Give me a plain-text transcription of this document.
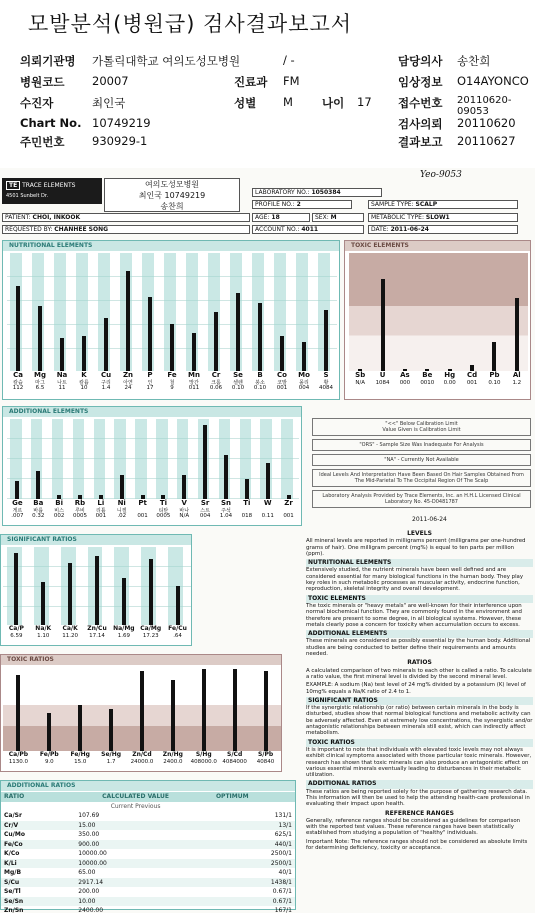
모발분석(병원급) 검사결과보고서
의뢰기관명 가톨릭대학교 여의도성모병원	/ -	담당의사 송찬희
병원코드 20007	진료과 FM	임상정보 O14AYONCO
수진자	최인국	성별 M	나이 17 접수번호 20110620-09053
Chart No. 10749219	검사의뢰 20110620
주민번호 930929-1	결과보고 20110627
TE TRACE ELEMENTS
4501 Sunbelt Dr.
여의도성모병원
최인국 10749219
송찬희
Yeo-9053
LABORATORY NO.: 1050384
PROFILE NO.: 2	SAMPLE TYPE: SCALP
PATIENT: CHOI, INKOOK	AGE: 18	SEX: M	METABOLIC TYPE: SLOW1
REQUESTED BY: CHANHEE SONG	ACCOUNT NO.: 4011	DATE: 2011-06-24
NUTRITIONAL ELEMENTS
Ca
칼슘
112
Mg
마그
6.5
Na
나트
11
K
칼륨
10
Cu
구리
1.4
Zn
아연
24
P
인
17
Fe
철
9
Mn
망간
011
Cr
크롬
0.06
Se
셀렌
0.10
B
붕소
0.10
Co
코발
001
Mo
몰리
004
S
황
4084
TOXIC ELEMENTS
Sb
N/A
U
1084
As
000
Be
0010
Hg
0.00
Cd
001
Pb
0.10
Al
1.2
ADDITIONAL ELEMENTS
Ge
게르
.007
Ba
바륨
0.32
Bi
비스
002
Rb
루비
0005
Li
리튬
001
Ni
니켈
.02
Pt
001
Ti
티탄
0005
V
바나
N/A
Sr
스트
004
Sn
주석
1.04
Ti
018
W
0.11
Zr
001
"<<" Below Calibration Limit
Value Given is Calibration Limit
"ORS" - Sample Size Was Inadequate For Analysis
"NA" - Currently Not Available
Ideal Levels And Interpretation Have Been Based On Hair Samples Obtained From The Mid-Parietal To The Occipital Region Of The Scalp
Laboratory Analysis Provided by Trace Elements, Inc. an H.H.L Licensed Clinical Laboratory No. 45-D0481787
2011-06-24
SIGNIFICANT RATIOS
Ca/P
6.59
Na/K
1.10
Ca/K
11.20
Zn/Cu
17.14
Na/Mg
1.69
Ca/Mg
17.23
Fe/Cu
.64
TOXIC RATIOS
Ca/Pb
1130.0
Fe/Pb
9.0
Fe/Hg
15.0
Se/Hg
1.7
Zn/Cd
24000.0
Zn/Hg
2400.0
S/Hg
408000.0
S/Cd
4084000
S/Pb
40840
ADDITIONAL RATIOS
RATIO	CALCULATED VALUE	OPTIMUM
	Current Previous	
Ca/Sr	107.69	131/1
Cr/V	15.00	13/1
Cu/Mo	350.00	625/1
Fe/Co	900.00	440/1
K/Co	10000.00	2500/1
K/Li	10000.00	2500/1
Mg/B	65.00	40/1
S/Cu	2917.14	1438/1
Se/Tl	200.00	0.67/1
Se/Sn	10.00	0.67/1
Zn/Sn	2400.00	167/1
LEVELS

All mineral levels are reported in milligrams percent (milligrams per one-hundred grams of hair). One milligram percent (mg%) is equal to ten parts per million (ppm).

NUTRITIONAL ELEMENTS

Extensively studied, the nutrient minerals have been well defined and are considered essential for many biological functions in the human body. They play key roles in such metabolic processes as muscular activity, endocrine function, reproduction, skeletal integrity and overall development.

TOXIC ELEMENTS

The toxic minerals or "heavy metals" are well-known for their interference upon normal biochemical function. They are commonly found in the environment and therefore are present to some degree, in all biological systems. However, these metals clearly pose a concern for toxicity when accumulation occurs to excess.

ADDITIONAL ELEMENTS

These minerals are considered as possibly essential by the human body. Additional studies are being conducted to better define their requirements and amounts needed.

RATIOS

A calculated comparison of two minerals to each other is called a ratio. To calculate a ratio value, the first mineral level is divided by the second mineral level.

EXAMPLE: A sodium (Na) test level of 24 mg% divided by a potassium (K) level of 10mg% equals a Na/K ratio of 2.4 to 1.

SIGNIFICANT RATIOS

If the synergistic relationship (or ratio) between certain minerals in the body is disturbed, studies show that normal biological functions and metabolic activity can be adversely affected. Even at extremely low concentrations, the synergistic and/or antagonistic relationships between minerals still exist, which can indirectly affect metabolism.

TOXIC RATIOS

It is important to note that individuals with elevated toxic levels may not always exhibit clinical symptoms associated with those particular toxic minerals. However, research has shown that toxic minerals can also produce an antagonistic effect on various essential minerals eventually leading to disturbances in their metabolic utilization.

ADDITIONAL RATIOS

These ratios are being reported solely for the purpose of gathering research data. This information will then be used to help the attending health-care professional in evaluating their impact upon health.

REFERENCE RANGES

Generally, reference ranges should be considered as guidelines for comparison with the reported test values. These reference ranges have been statistically established from studying a population of "healthy" individuals.

Important Note: The reference ranges should not be considered as absolute limits for determining deficiency, toxicity or acceptance.
